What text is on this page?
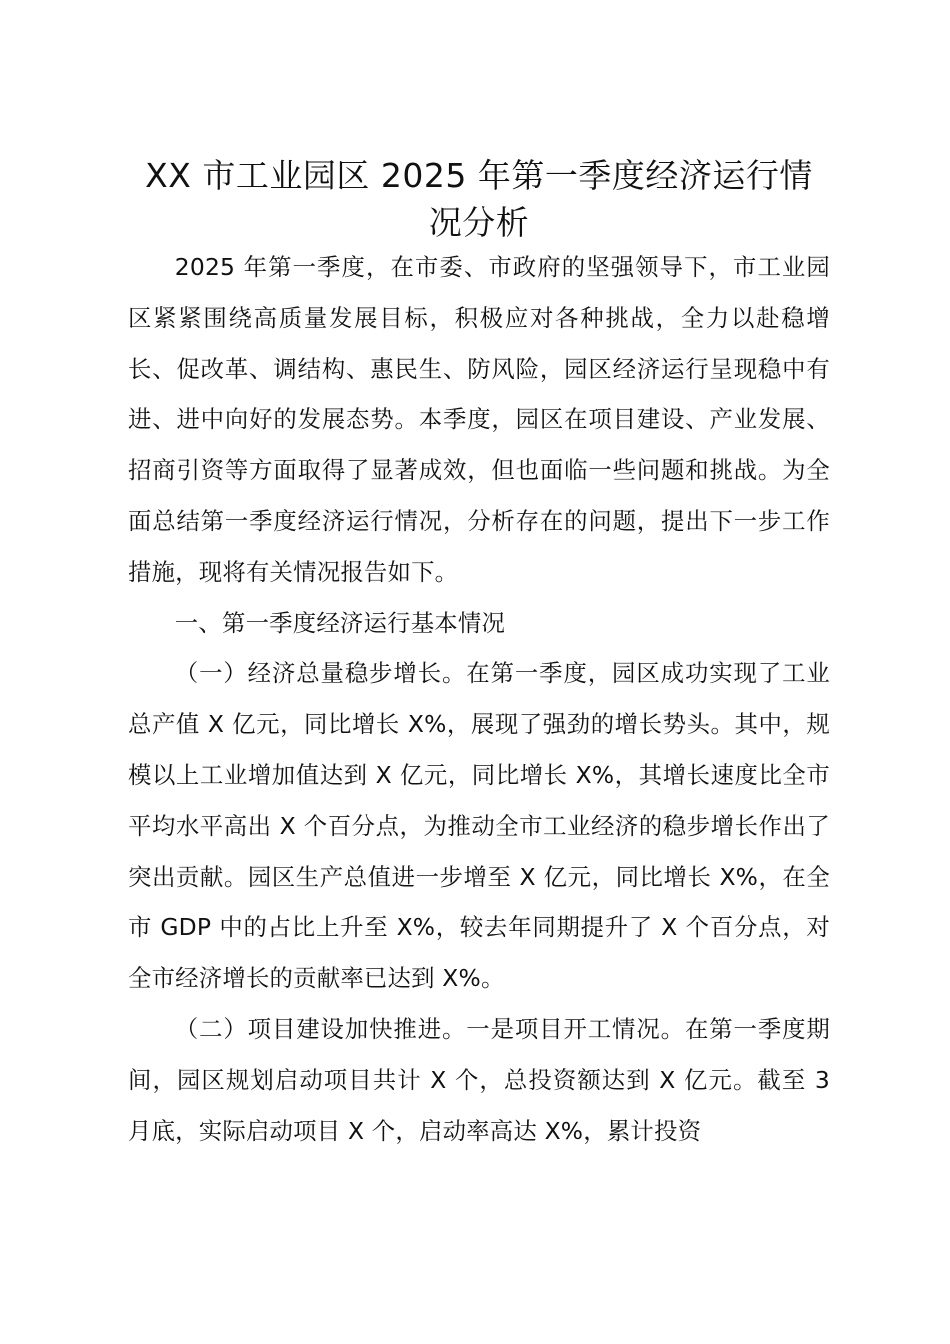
XX 市工业园区 2025 年第一季度经济运行情
况分析

2025 年第一季度，在市委、市政府的坚强领导下，市工业园区紧紧围绕高质量发展目标，积极应对各种挑战，全力以赴稳增长、促改革、调结构、惠民生、防风险，园区经济运行呈现稳中有进、进中向好的发展态势。本季度，园区在项目建设、产业发展、招商引资等方面取得了显著成效，但也面临一些问题和挑战。为全面总结第一季度经济运行情况，分析存在的问题，提出下一步工作措施，现将有关情况报告如下。

一、第一季度经济运行基本情况

（一）经济总量稳步增长。在第一季度，园区成功实现了工业总产值 X 亿元，同比增长 X%，展现了强劲的增长势头。其中，规模以上工业增加值达到 X 亿元，同比增长 X%，其增长速度比全市平均水平高出 X 个百分点，为推动全市工业经济的稳步增长作出了突出贡献。园区生产总值进一步增至 X 亿元，同比增长 X%，在全市 GDP 中的占比上升至 X%，较去年同期提升了 X 个百分点，对全市经济增长的贡献率已达到 X%。

（二）项目建设加快推进。一是项目开工情况。在第一季度期间，园区规划启动项目共计 X 个，总投资额达到 X 亿元。截至 3 月底，实际启动项目 X 个，启动率高达 X%，累计投资
